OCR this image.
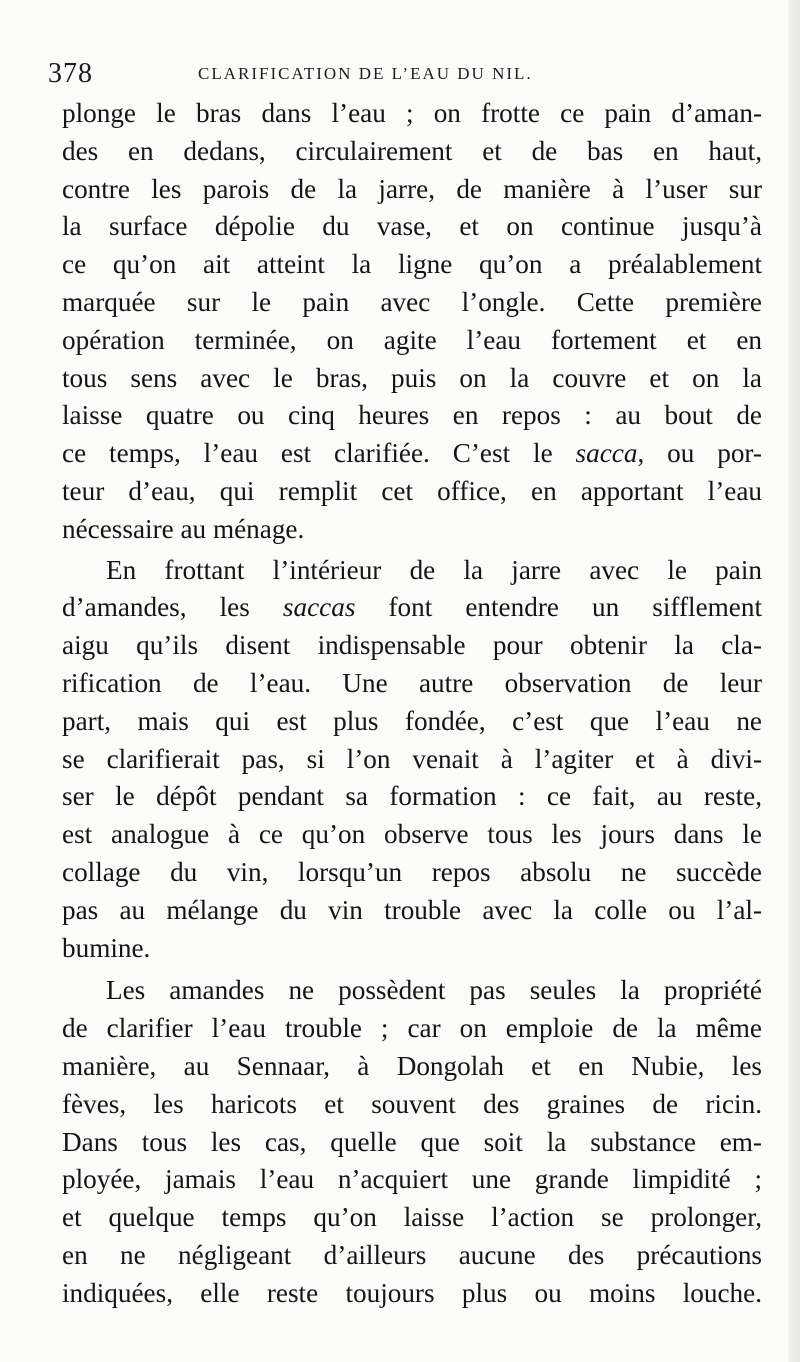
378	CLARIFICATION DE L’EAU DU NIL.
plonge le bras dans l’eau ; on frotte ce pain d’aman-
des en dedans, circulairement et de bas en haut,
contre les parois de la jarre, de manière à l’user sur
la surface dépolie du vase, et on continue jusqu’à
ce qu’on ait atteint la ligne qu’on a préalablement
marquée sur le pain avec l’ongle. Cette première
opération terminée, on agite l’eau fortement et en
tous sens avec le bras, puis on la couvre et on la
laisse quatre ou cinq heures en repos : au bout de
ce temps, l’eau est clarifiée. C’est le sacca, ou por-
teur d’eau, qui remplit cet office, en apportant l’eau
nécessaire au ménage.
En frottant l’intérieur de la jarre avec le pain
d’amandes, les saccas font entendre un sifflement
aigu qu’ils disent indispensable pour obtenir la cla-
rification de l’eau. Une autre observation de leur
part, mais qui est plus fondée, c’est que l’eau ne
se clarifierait pas, si l’on venait à l’agiter et à divi-
ser le dépôt pendant sa formation : ce fait, au reste,
est analogue à ce qu’on observe tous les jours dans le
collage du vin, lorsqu’un repos absolu ne succède
pas au mélange du vin trouble avec la colle ou l’al-
bumine.
Les amandes ne possèdent pas seules la propriété
de clarifier l’eau trouble ; car on emploie de la même
manière, au Sennaar, à Dongolah et en Nubie, les
fèves, les haricots et souvent des graines de ricin.
Dans tous les cas, quelle que soit la substance em-
ployée, jamais l’eau n’acquiert une grande limpidité ;
et quelque temps qu’on laisse l’action se prolonger,
en ne négligeant d’ailleurs aucune des précautions
indiquées, elle reste toujours plus ou moins louche.
